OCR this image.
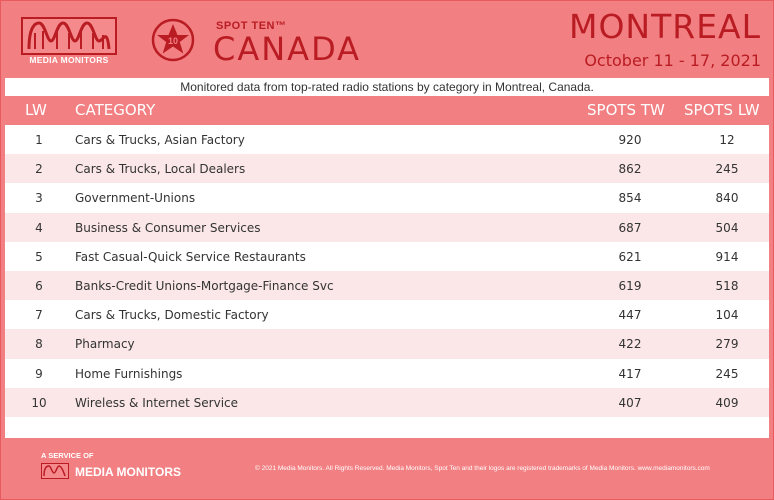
MEDIA MONITORS
10
SPOT TEN™
CANADA
MONTREAL
October 11 - 17, 2021
Monitored data from top-rated radio stations by category in Montreal, Canada.
LW CATEGORY	SPOTS TW SPOTS LW
1	Cars & Trucks, Asian Factory	920	12
2	Cars & Trucks, Local Dealers	862	245
3	Government-Unions	854	840
4	Business & Consumer Services	687	504
5	Fast Casual-Quick Service Restaurants	621	914
6	Banks-Credit Unions-Mortgage-Finance Svc	619	518
7	Cars & Trucks, Domestic Factory	447	104
8	Pharmacy	422	279
9	Home Furnishings	417	245
10	Wireless & Internet Service	407	409
A SERVICE OF
MEDIA MONITORS	© 2021 Media Monitors. All Rights Reserved. Media Monitors, Spot Ten and their logos are registered trademarks of Media Monitors. www.mediamonitors.com
